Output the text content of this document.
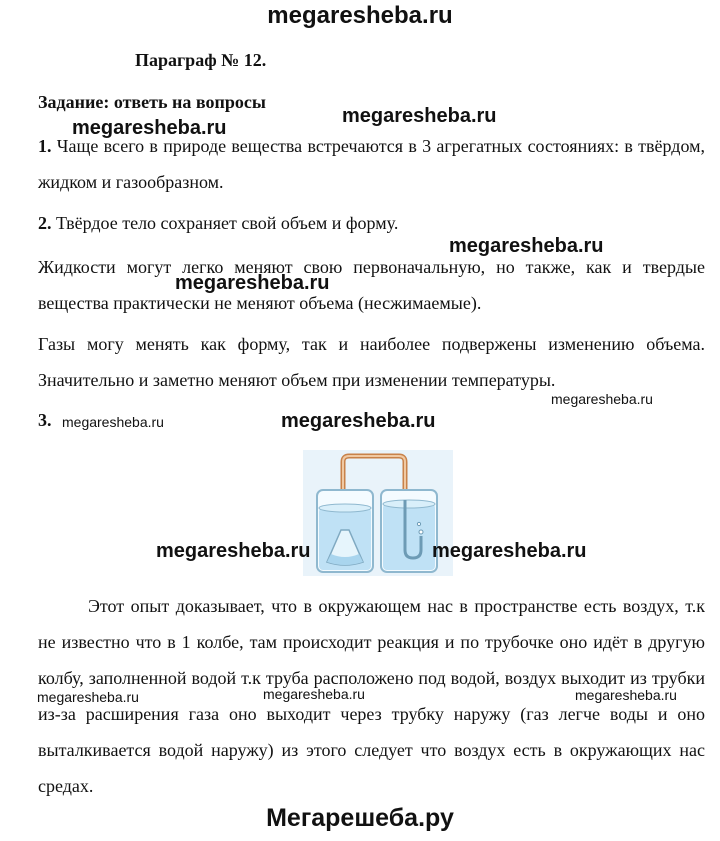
megaresheba.ru
Параграф № 12.
Задание: ответь на вопросы

1. Чаще всего в природе вещества встречаются в 3 агрегатных состояниях: в твёрдом, жидком и газообразном.

2. Твёрдое тело сохраняет свой объем и форму.

Жидкости могут легко меняют свою первоначальную, но также, как и твердые вещества практически не меняют объема (несжимаемые).

Газы могу менять как форму, так и наиболее подвержены изменению объема. Значительно и заметно меняют объем при изменении температуры.

3.

Этот опыт доказывает, что в окружающем нас в пространстве есть воздух, т.к не известно что в 1 колбе, там происходит реакция и по трубочке оно идёт в другую колбу, заполненной водой т.к труба расположено под водой, воздух выходит из трубки из-за расширения газа оно выходит через трубку наружу (газ легче воды и оно выталкивается водой наружу) из этого следует что воздух есть в окружающих нас средах.

megaresheba.ru
megaresheba.ru
megaresheba.ru
megaresheba.ru
megaresheba.ru
megaresheba.ru	megaresheba.ru
megaresheba.ru
megaresheba.ru
megaresheba.ru	megaresheba.ru	megaresheba.ru
Мегарешеба.ру
